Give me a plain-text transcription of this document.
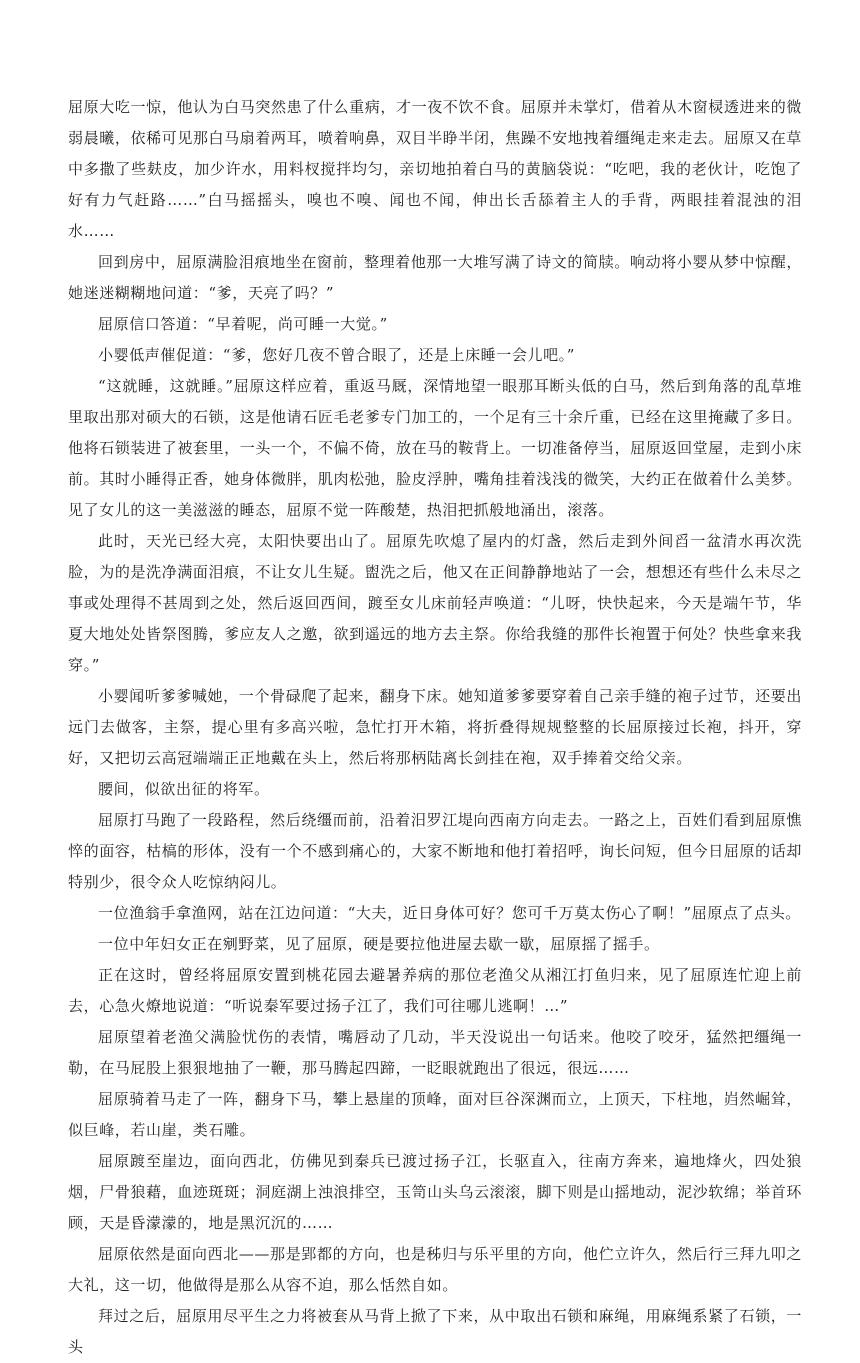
屈原大吃一惊，他认为白马突然患了什么重病，才一夜不饮不食。屈原并未掌灯，借着从木窗棂透进来的微弱晨曦，依稀可见那白马扇着两耳，喷着响鼻，双目半睁半闭，焦躁不安地拽着缰绳走来走去。屈原又在草中多撒了些麸皮，加少许水，用料杈搅拌均匀，亲切地拍着白马的黄脑袋说：“吃吧，我的老伙计，吃饱了好有力气赶路……”白马摇摇头，嗅也不嗅、闻也不闻，伸出长舌舔着主人的手背，两眼挂着混浊的泪水……

回到房中，屈原满脸泪痕地坐在窗前，整理着他那一大堆写满了诗文的简牍。响动将小婴从梦中惊醒，她迷迷糊糊地问道：“爹，天亮了吗？”

屈原信口答道：“早着呢，尚可睡一大觉。”

小婴低声催促道：“爹，您好几夜不曾合眼了，还是上床睡一会儿吧。”

“这就睡，这就睡。”屈原这样应着，重返马厩，深情地望一眼那耳断头低的白马，然后到角落的乱草堆里取出那对硕大的石锁，这是他请石匠毛老爹专门加工的，一个足有三十余斤重，已经在这里掩藏了多日。他将石锁装进了被套里，一头一个，不偏不倚，放在马的鞍背上。一切准备停当，屈原返回堂屋，走到小床前。其时小睡得正香，她身体微胖，肌肉松弛，脸皮浮肿，嘴角挂着浅浅的微笑，大约正在做着什么美梦。见了女儿的这一美滋滋的睡态，屈原不觉一阵酸楚，热泪把抓般地涌出，滚落。

此时，天光已经大亮，太阳快要出山了。屈原先吹熄了屋内的灯盏，然后走到外间舀一盆清水再次洗脸，为的是洗净满面泪痕，不让女儿生疑。盥洗之后，他又在正间静静地站了一会，想想还有些什么未尽之事或处理得不甚周到之处，然后返回西间，踱至女儿床前轻声唤道：“儿呀，快快起来，今天是端午节，华夏大地处处皆祭图腾，爹应友人之邀，欲到遥远的地方去主祭。你给我缝的那件长袍置于何处？快些拿来我穿。”

小婴闻听爹爹喊她，一个骨碌爬了起来，翻身下床。她知道爹爹要穿着自己亲手缝的袍子过节，还要出远门去做客，主祭，提心里有多高兴啦，急忙打开木箱，将折叠得规规整整的长屈原接过长袍，抖开，穿好，又把切云高冠端端正正地戴在头上，然后将那柄陆离长剑挂在袍，双手捧着交给父亲。

腰间，似欲出征的将军。

屈原打马跑了一段路程，然后绕缰而前，沿着汨罗江堤向西南方向走去。一路之上，百姓们看到屈原憔悴的面容，枯槁的形体，没有一个不感到痛心的，大家不断地和他打着招呼，询长问短，但今日屈原的话却特别少，很令众人吃惊纳闷儿。

一位渔翁手拿渔网，站在江边问道：“大夫，近日身体可好？您可千万莫太伤心了啊！”屈原点了点头。

一位中年妇女正在剜野菜，见了屈原，硬是要拉他进屋去歇一歇，屈原摇了摇手。

正在这时，曾经将屈原安置到桃花园去避暑养病的那位老渔父从湘江打鱼归来，见了屈原连忙迎上前去，心急火燎地说道：“听说秦军要过扬子江了，我们可往哪儿逃啊！…”

屈原望着老渔父满脸忧伤的表情，嘴唇动了几动，半天没说出一句话来。他咬了咬牙，猛然把缰绳一勒，在马屁股上狠狠地抽了一鞭，那马腾起四蹄，一眨眼就跑出了很远，很远……

屈原骑着马走了一阵，翻身下马，攀上悬崖的顶峰，面对巨谷深渊而立，上顶天，下柱地，岿然崛耸，似巨峰，若山崖，类石雕。

屈原踱至崖边，面向西北，仿佛见到秦兵已渡过扬子江，长驱直入，往南方奔来，遍地烽火，四处狼烟，尸骨狼藉，血迹斑斑；洞庭湖上浊浪排空，玉笥山头乌云滚滚，脚下则是山摇地动，泥沙软绵；举首环顾，天是昏濛濛的，地是黑沉沉的……

屈原依然是面向西北——那是郢都的方向，也是秭归与乐平里的方向，他伫立许久，然后行三拜九叩之大礼，这一切，他做得是那么从容不迫，那么恬然自如。

拜过之后，屈原用尽平生之力将被套从马背上掀了下来，从中取出石锁和麻绳，用麻绳系紧了石锁，一头
